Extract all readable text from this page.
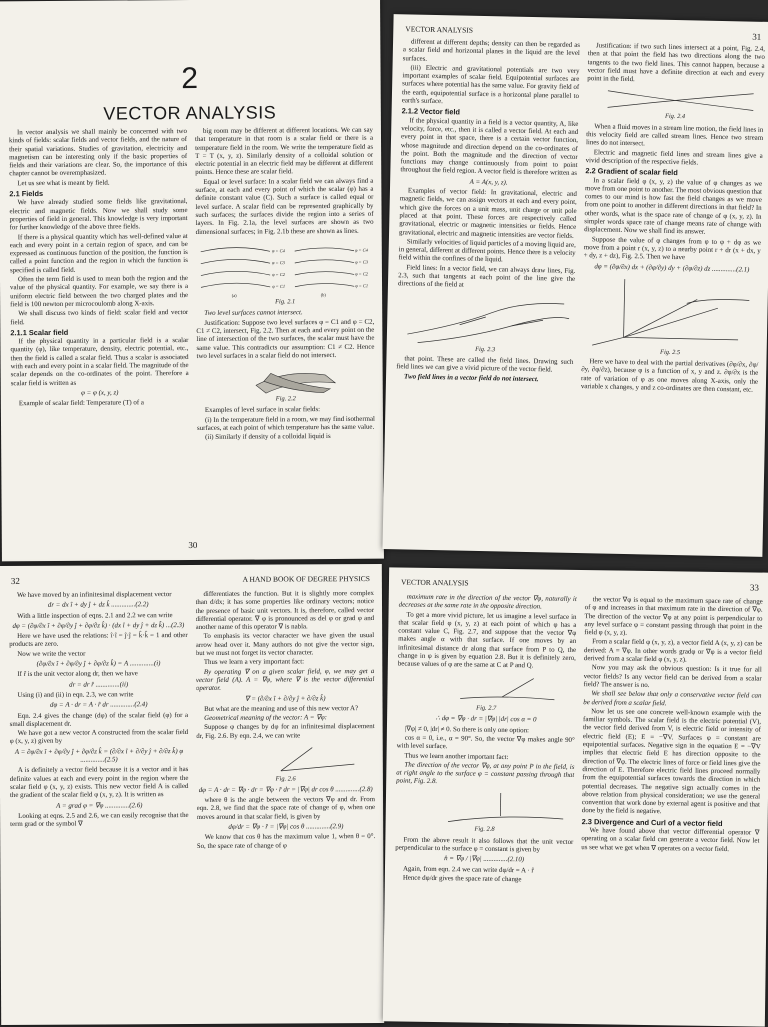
2
VECTOR ANALYSIS

In vector analysis we shall mainly be concerned with two kinds of fields: scalar fields and vector fields, and the nature of their spatial variations. Studies of gravitation, electricity and magnetism can be interesting only if the basic properties of fields and their variations are clear. So, the importance of this chapter cannot be overemphasized.

Let us see what is meant by field.

2.1 Fields

We have already studied some fields like gravitational, electric and magnetic fields. Now we shall study some properties of field in general. This knowledge is very important for further knowledge of the above three fields.

If there is a physical quantity which has well-defined value at each and every point in a certain region of space, and can be expressed as continuous function of the position, the function is called a point function and the region in which the function is specified is called field.

Often the term field is used to mean both the region and the value of the physical quantity. For example, we say there is a uniform electric field between the two charged plates and the field is 100 newton per microcoulomb along X-axis.

We shall discuss two kinds of field: scalar field and vector field.

2.1.1 Scalar field

If the physical quantity in a particular field is a scalar quantity (φ), like temperature, density, electric potential, etc., then the field is called a scalar field. Thus a scalar is associated with each and every point in a scalar field. The magnitude of the scalar depends on the co-ordinates of the point. Therefore a scalar field is written as

φ = φ (x, y, z)

Example of scalar field: Temperature (T) of a

big room may be different at different locations. We can say that temperature in that room is a scalar field or there is a temperature field in the room. We write the temperature field as T = T (x, y, z). Similarly density of a colloidal solution or electric potential in an electric field may be different at different points. Hence these are scalar field.

Equal or level surface: In a scalar field we can always find a surface, at each and every point of which the scalar (φ) has a definite constant value (C). Such a surface is called equal or level surface. A scalar field can be represented graphically by such surfaces; the surfaces divide the region into a series of layers. In Fig. 2.1a, the level surfaces are shown as two dimensional surfaces; in Fig. 2.1b these are shown as lines.

φ = C4
φ = C3
φ = C2
φ = C1
φ = C4
φ = C3
φ = C2
φ = C1
(a)	(b)
Fig. 2.1

Two level surfaces cannot intersect.

Justification: Suppose two level surfaces φ = C1 and φ = C2, C1 ≠ C2, intersect, Fig. 2.2. Then at each and every point on the line of intersection of the two surfaces, the scalar must have the same value. This contradicts our assumption: C1 ≠ C2. Hence two level surfaces in a scalar field do not intersect.

Fig. 2.2

Examples of level surface in scalar fields:

(i) In the temperature field in a room, we may find isothermal surfaces, at each point of which temperature has the same value.

(ii) Similarly if density of a colloidal liquid is

30
VECTOR ANALYSIS
31

different at different depths; density can then be regarded as a scalar field and horizontal planes in the liquid are the level surfaces.

(iii) Electric and gravitational potentials are two very important examples of scalar field. Equipotential surfaces are surfaces where potential has the same value. For gravity field of the earth, equipotential surface is a horizontal plane parallel to earth's surface.

2.1.2 Vector field

If the physical quantity in a field is a vector quantity, A, like velocity, force, etc., then it is called a vector field. At each and every point in that space, there is a certain vector function, whose magnitude and direction depend on the co-ordinates of the point. Both the magnitude and the direction of vector functions may change continuously from point to point throughout the field region. A vector field is therefore written as

A = A(x, y, z).

Examples of vector field: In gravitational, electric and magnetic fields, we can assign vectors at each and every point, which give the forces on a unit mass, unit charge or unit pole placed at that point. These forces are respectively called gravitational, electric or magnetic intensities or fields. Hence gravitational, electric and magnetic intensities are vector fields.

Similarly velocities of liquid particles of a moving liquid are, in general, different at different points. Hence there is a velocity field within the confines of the liquid.

Field lines: In a vector field, we can always draw lines, Fig. 2.3, such that tangents at each point of the line give the directions of the field at

Fig. 2.3

that point. These are called the field lines. Drawing such field lines we can give a vivid picture of the vector field.

Two field lines in a vector field do not intersect.

Justification: if two such lines intersect at a point, Fig. 2.4, then at that point the field has two directions along the two tangents to the two field lines. This cannot happen, because a vector field must have a definite direction at each and every point in the field.

Fig. 2.4

When a fluid moves in a stream line motion, the field lines in this velocity field are called stream lines. Hence two stream lines do not intersect.

Electric and magnetic field lines and stream lines give a vivid description of the respective fields.

2.2 Gradient of scalar field

In a scalar field φ (x, y, z) the value of φ changes as we move from one point to another. The most obvious question that comes to our mind is how fast the field changes as we move from one point to another in different directions in that field? In other words, what is the space rate of change of φ (x, y, z). In simpler words space rate of change means rate of change with displacement. Now we shall find its answer.

Suppose the value of φ changes from φ to φ + dφ as we move from a point r (x, y, z) to a nearby point r + dr (x + dx, y + dy, z + dz), Fig. 2.5. Then we have

dφ = (∂φ/∂x) dx + (∂φ/∂y) dy + (∂φ/∂z) dz ..............(2.1)
Fig. 2.5

Here we have to deal with the partial derivatives (∂φ/∂x, ∂φ/∂y, ∂φ/∂z), because φ is a function of x, y and z. ∂φ/∂x is the rate of variation of φ as one moves along X-axis, only the variable x changes, y and z co-ordinates are then constant, etc.

32	A HAND BOOK OF DEGREE PHYSICS

We have moved by an infinitesimal displacement vector

dr = dx î + dy ĵ + dz k̂ ..............(2.2)

With a little inspection of eqns. 2.1 and 2.2 we can write

dφ = (∂φ/∂x î + ∂φ/∂y ĵ + ∂φ/∂z k̂) · (dx î + dy ĵ + dz k̂) ...(2.3)

Here we have used the relations: î·î = ĵ·ĵ = k̂·k̂ = 1 and other products are zero.

Now we write the vector

(∂φ/∂x î + ∂φ/∂y ĵ + ∂φ/∂z k̂) = A ..............(i)

If r̂ is the unit vector along dr, then we have

dr = dr r̂ ..............(ii)

Using (i) and (ii) in eqn. 2.3, we can write

dφ = A · dr = A · r̂ dr ..............(2.4)

Eqn. 2.4 gives the change (dφ) of the scalar field (φ) for a small displacement dr.

We have got a new vector A constructed from the scalar field φ (x, y, z) given by

A = ∂φ/∂x î + ∂φ/∂y ĵ + ∂φ/∂z k̂ = (∂/∂x î + ∂/∂y ĵ + ∂/∂z k̂) φ ..............(2.5)

A is definitely a vector field because it is a vector and it has definite values at each and every point in the region where the scalar field φ (x, y, z) exists. This new vector field A is called the gradient of the scalar field φ (x, y, z). It is written as

A = grad φ = ∇φ ..............(2.6)

Looking at eqns. 2.5 and 2.6, we can easily recognise that the term grad or the symbol ∇

differentiates the function. But it is slightly more complex than d/dx; it has some properties like ordinary vectors; notice the presence of basic unit vectors. It is, therefore, called vector differential operator. ∇ φ is pronounced as del φ or grad φ and another name of this operator ∇ is nabla.

To emphasis its vector character we have given the usual arrow head over it. Many authors do not give the vector sign, but we must not forget its vector character.

Thus we learn a very important fact:

By operating ∇ on a given scalar field, φ, we may get a vector field (A). A = ∇φ, where ∇ is the vector differential operator.

∇ = (∂/∂x î + ∂/∂y ĵ + ∂/∂z k̂)

But what are the meaning and use of this new vector A?

Geometrical meaning of the vector: A = ∇φ:

Suppose φ changes by dφ for an infinitesimal displacement dr, Fig. 2.6. By eqn. 2.4, we can write

Fig. 2.6
dφ = A · dr = ∇φ · dr = ∇φ · r̂ dr = |∇φ| dr cos θ ..............(2.8)

where θ is the angle between the vectors ∇φ and dr. From eqn. 2.8, we find that the space rate of change of φ, when one moves around in that scalar field, is given by

dφ/dr = ∇φ · r̂ = |∇φ| cos θ ..............(2.9)

We know that cos θ has the maximum value 1, when θ = 0°. So, the space rate of change of φ

VECTOR ANALYSIS	33

maximum rate in the direction of the vector ∇φ, naturally it decreases at the same rate in the opposite direction.

To get a more vivid picture, let us imagine a level surface in that scalar field φ (x, y, z) at each point of which φ has a constant value C, Fig. 2.7, and suppose that the vector ∇φ makes angle α with that surface. If one moves by an infinitesimal distance dr along that surface from P to Q, the change in φ is given by equation 2.8. But it is definitely zero, because values of φ are the same at C at P and Q.

Fig. 2.7
∴ dφ = ∇φ · dr = |∇φ| |dr| cos α = 0

|∇φ| ≠ 0, |dr| ≠ 0. So there is only one option:

cos α = 0, i.e., α = 90°. So, the vector ∇φ makes angle 90° with level surface.

Thus we learn another important fact:

The direction of the vector ∇φ, at any point P in the field, is at right angle to the surface φ = constant passing through that point, Fig. 2.8.

Fig. 2.8

From the above result it also follows that the unit vector perpendicular to the surface φ = constant is given by

n̂ = ∇φ / |∇φ| ..............(2.10)

Again, from eqn. 2.4 we can write dφ/dr = A · r̂

Hence dφ/dr gives the space rate of change

the vector ∇φ is equal to the maximum space rate of change of φ and increases in that maximum rate in the direction of ∇φ. The direction of the vector ∇φ at any point is perpendicular to any level surface φ = constant passing through that point in the field φ (x, y, z).

From a scalar field φ (x, y, z), a vector field A (x, y, z) can be derived: A = ∇φ. In other words gradφ or ∇φ is a vector field derived from a scalar field φ (x, y, z).

Now you may ask the obvious question: Is it true for all vector fields? Is any vector field can be derived from a scalar field? The answer is no.

We shall see below that only a conservative vector field can be derived from a scalar field.

Now let us see one concrete well-known example with the familiar symbols. The scalar field is the electric potential (V), the vector field derived from V, is electric field or intensity of electric field (E); E = −∇V. Surfaces φ = constant are equipotential surfaces. Negative sign in the equation E = −∇V implies that electric field E has direction opposite to the direction of ∇φ. The electric lines of force or field lines give the direction of E. Therefore electric field lines proceed normally from the equipotential surfaces towards the direction in which potential decreases. The negative sign actually comes in the above relation from physical consideration; we use the general convention that work done by external agent is positive and that done by the field is negative.

2.3 Divergence and Curl of a vector field

We have found above that vector differential operator ∇ operating on a scalar field can generate a vector field. Now let us see what we get when ∇ operates on a vector field.
